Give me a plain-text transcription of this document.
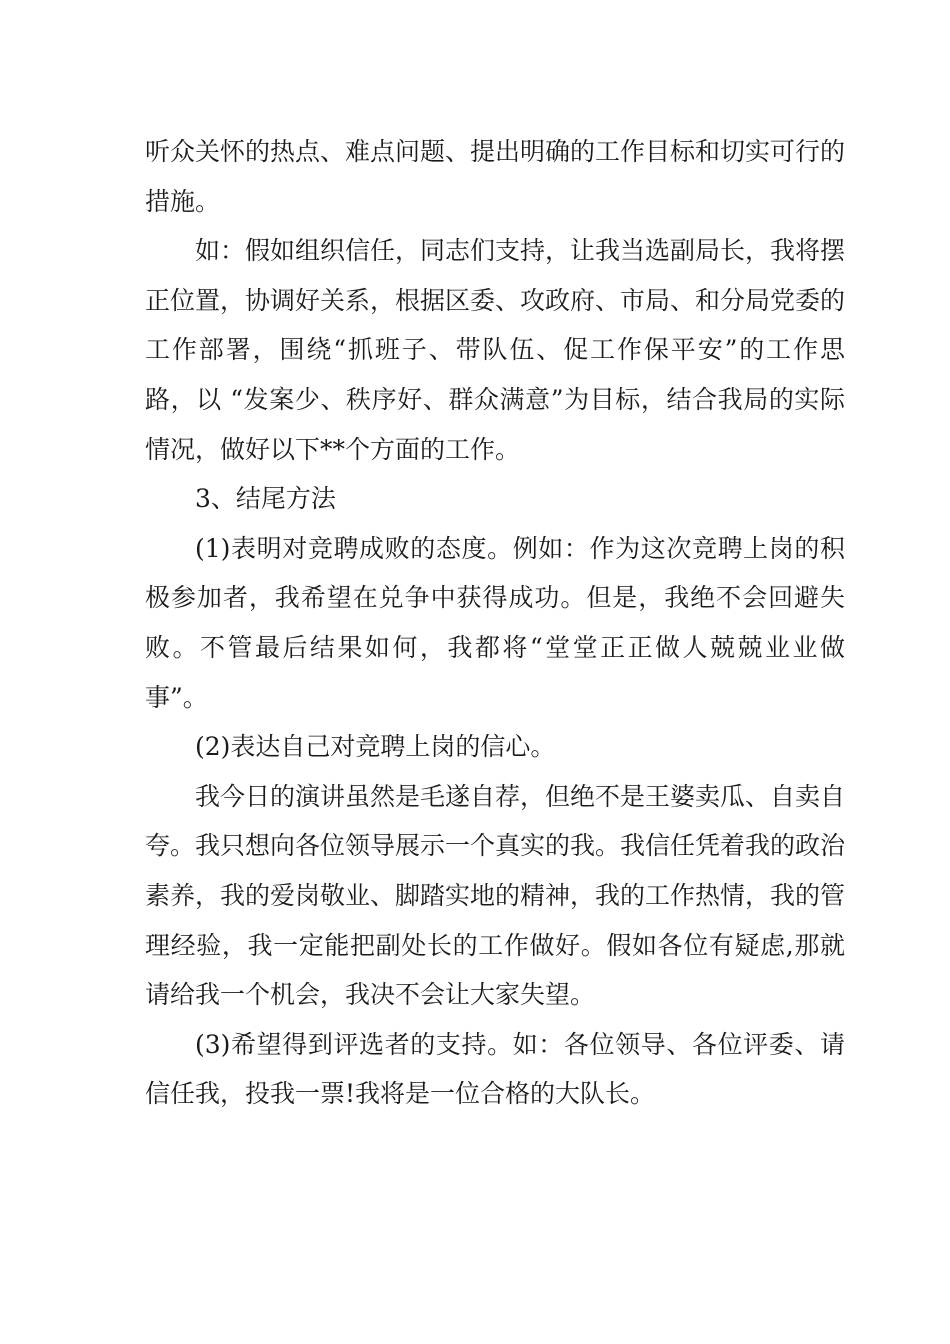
听众关怀的热点、难点问题、提出明确的工作目标和切实可行的措施。

如：假如组织信任，同志们支持，让我当选副局长，我将摆正位置，协调好关系，根据区委、攻政府、市局、和分局党委的工作部署，围绕“抓班子、带队伍、促工作保平安”的工作思路，以 “发案少、秩序好、群众满意”为目标，结合我局的实际情况，做好以下**个方面的工作。

3、结尾方法

(1)表明对竞聘成败的态度。例如：作为这次竞聘上岗的积极参加者，我希望在兑争中获得成功。但是，我绝不会回避失败。不管最后结果如何，我都将“堂堂正正做人兢兢业业做事”。

(2)表达自己对竞聘上岗的信心。

我今日的演讲虽然是毛遂自荐，但绝不是王婆卖瓜、自卖自夸。我只想向各位领导展示一个真实的我。我信任凭着我的政治素养，我的爱岗敬业、脚踏实地的精神，我的工作热情，我的管理经验，我一定能把副处长的工作做好。假如各位有疑虑,那就请给我一个机会，我决不会让大家失望。

(3)希望得到评选者的支持。如：各位领导、各位评委、请信任我，投我一票!我将是一位合格的大队长。
